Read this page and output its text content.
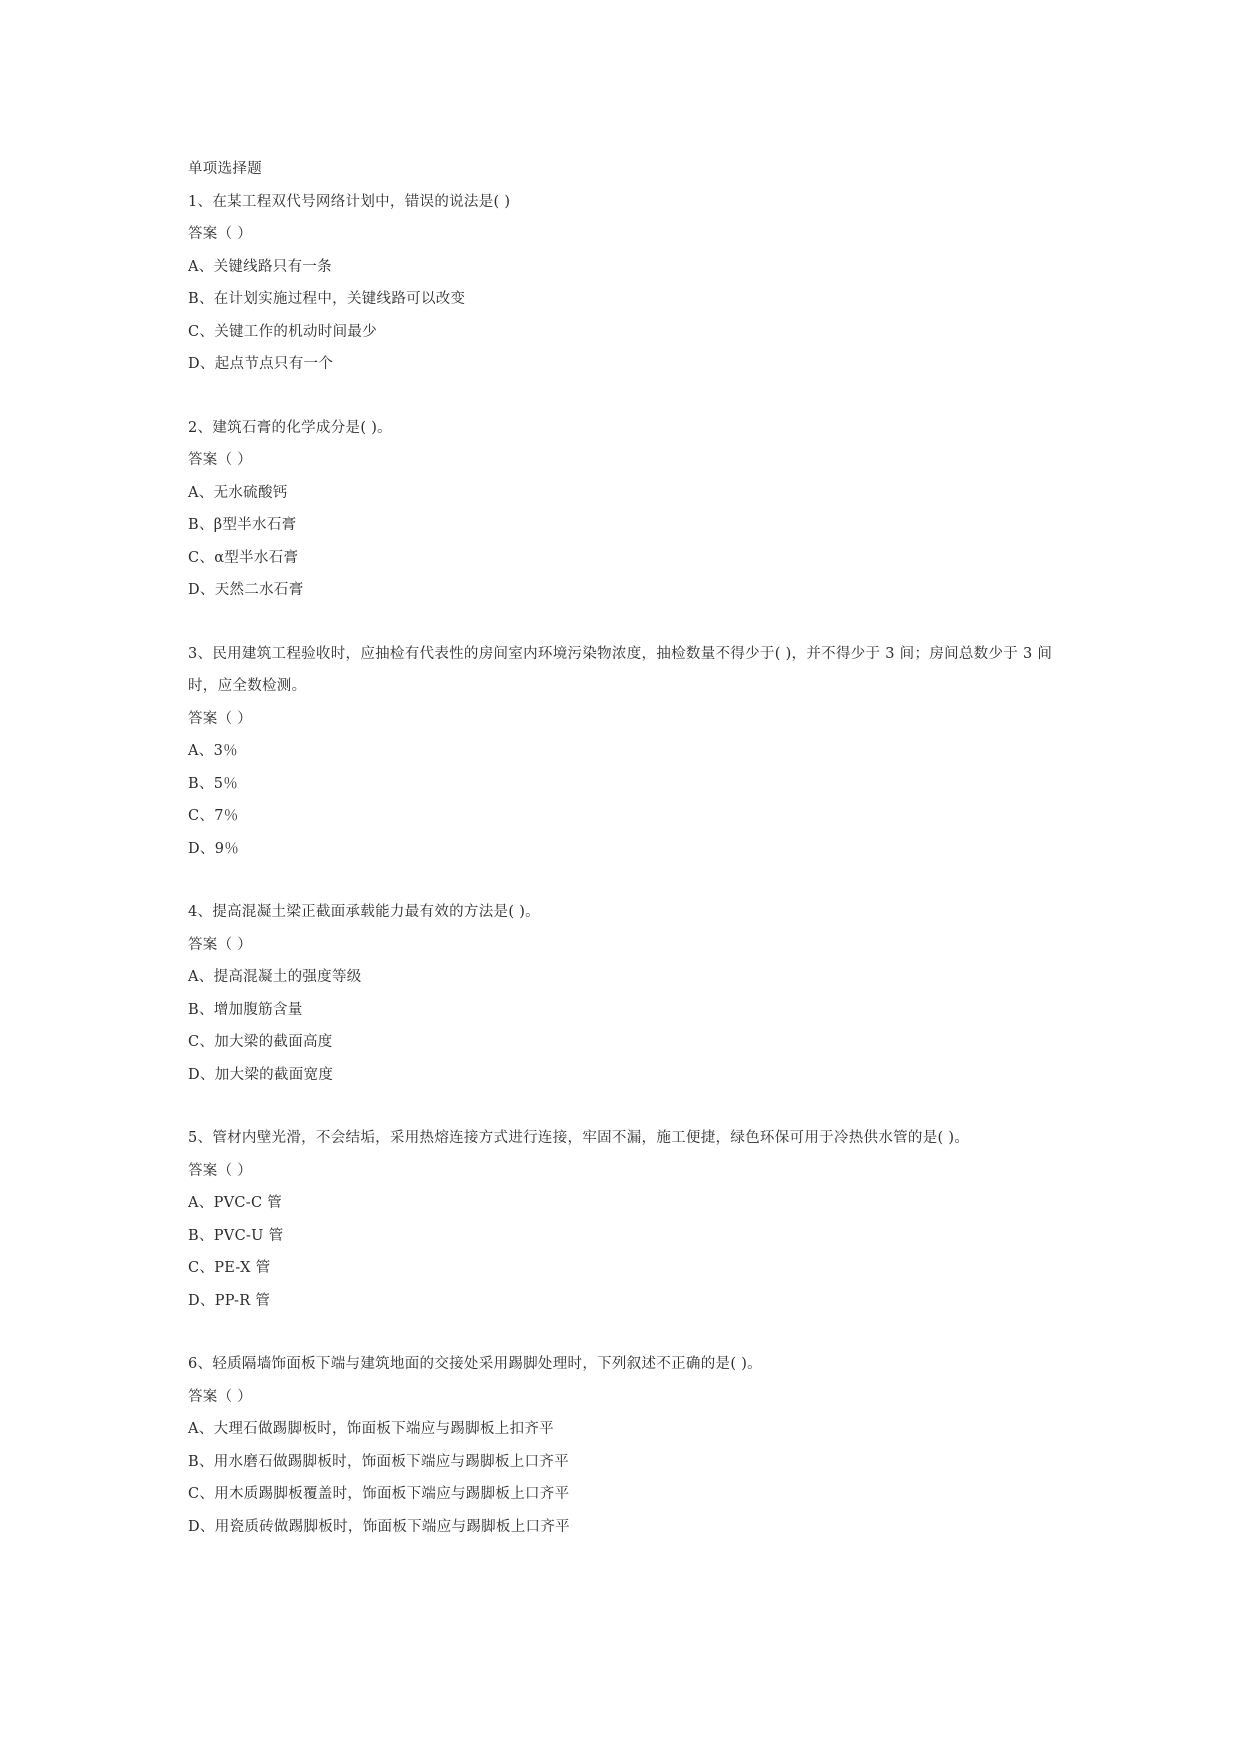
单项选择题
1、在某工程双代号网络计划中，错误的说法是( )
答案（ ）
A、关键线路只有一条
B、在计划实施过程中，关键线路可以改变
C、关键工作的机动时间最少
D、起点节点只有一个
2、建筑石膏的化学成分是( )。
答案（ ）
A、无水硫酸钙
B、β型半水石膏
C、α型半水石膏
D、天然二水石膏
3、民用建筑工程验收时，应抽检有代表性的房间室内环境污染物浓度，抽检数量不得少于( )，并不得少于 3 间；房间总数少于 3 间时，应全数检测。
答案（ ）
A、3％
B、5％
C、7％
D、9％
4、提高混凝土梁正截面承载能力最有效的方法是( )。
答案（ ）
A、提高混凝土的强度等级
B、增加腹筋含量
C、加大梁的截面高度
D、加大梁的截面宽度
5、管材内壁光滑，不会结垢，采用热熔连接方式进行连接，牢固不漏，施工便捷，绿色环保可用于冷热供水管的是( )。
答案（ ）
A、PVC-C 管
B、PVC-U 管
C、PE-X 管
D、PP-R 管
6、轻质隔墙饰面板下端与建筑地面的交接处采用踢脚处理时，下列叙述不正确的是( )。
答案（ ）
A、大理石做踢脚板时，饰面板下端应与踢脚板上扣齐平
B、用水磨石做踢脚板时，饰面板下端应与踢脚板上口齐平
C、用木质踢脚板覆盖时，饰面板下端应与踢脚板上口齐平
D、用瓷质砖做踢脚板时，饰面板下端应与踢脚板上口齐平
